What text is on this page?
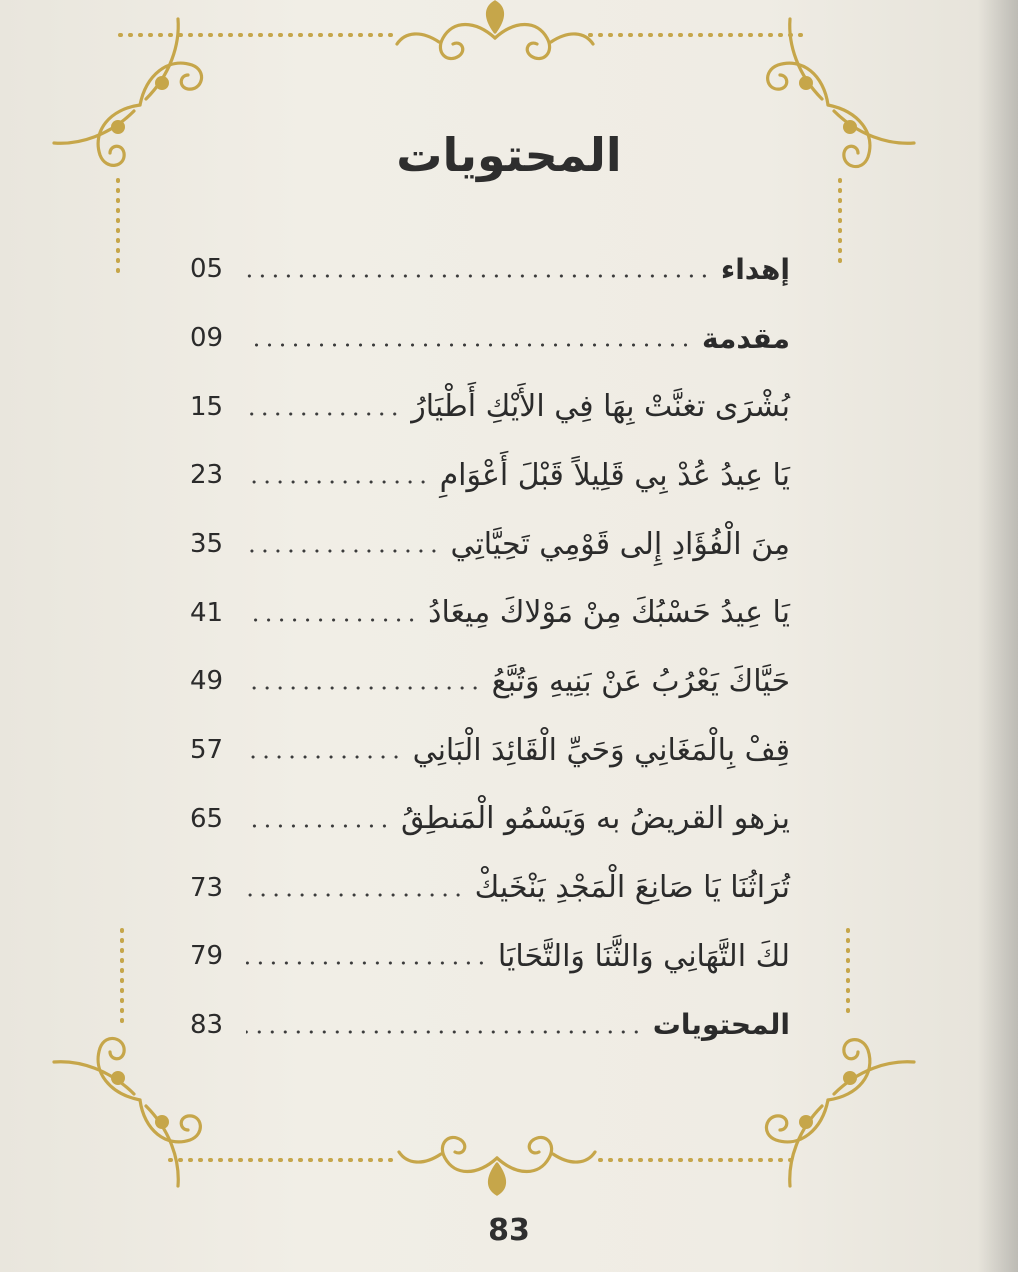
المحتويات
إهداء
05
مقدمة
09
بُشْرَى تغنَّتْ بِهَا فِي الأَيْكِ أَطْيَارُ
15
يَا عِيدُ عُدْ بِي قَلِيلاً قَبْلَ أَعْوَامِ
23
مِنَ الْفُؤَادِ إِلى قَوْمِي تَحِيَّاتِي
35
يَا عِيدُ حَسْبُكَ مِنْ مَوْلاكَ مِيعَادُ
41
حَيَّاكَ يَعْرُبُ عَنْ بَنِيهِ وَتُبَّعُ
49
قِفْ بِالْمَغَانِي وَحَيِّ الْقَائِدَ الْبَانِي
57
يزهو القريضُ به وَيَسْمُو الْمَنطِقُ
65
تُرَاثُنَا يَا صَانِعَ الْمَجْدِ يَنْخَيكْ
73
لكَ التَّهَانِي وَالثَّنَا وَالتَّحَايَا
79
المحتويات
83
83
